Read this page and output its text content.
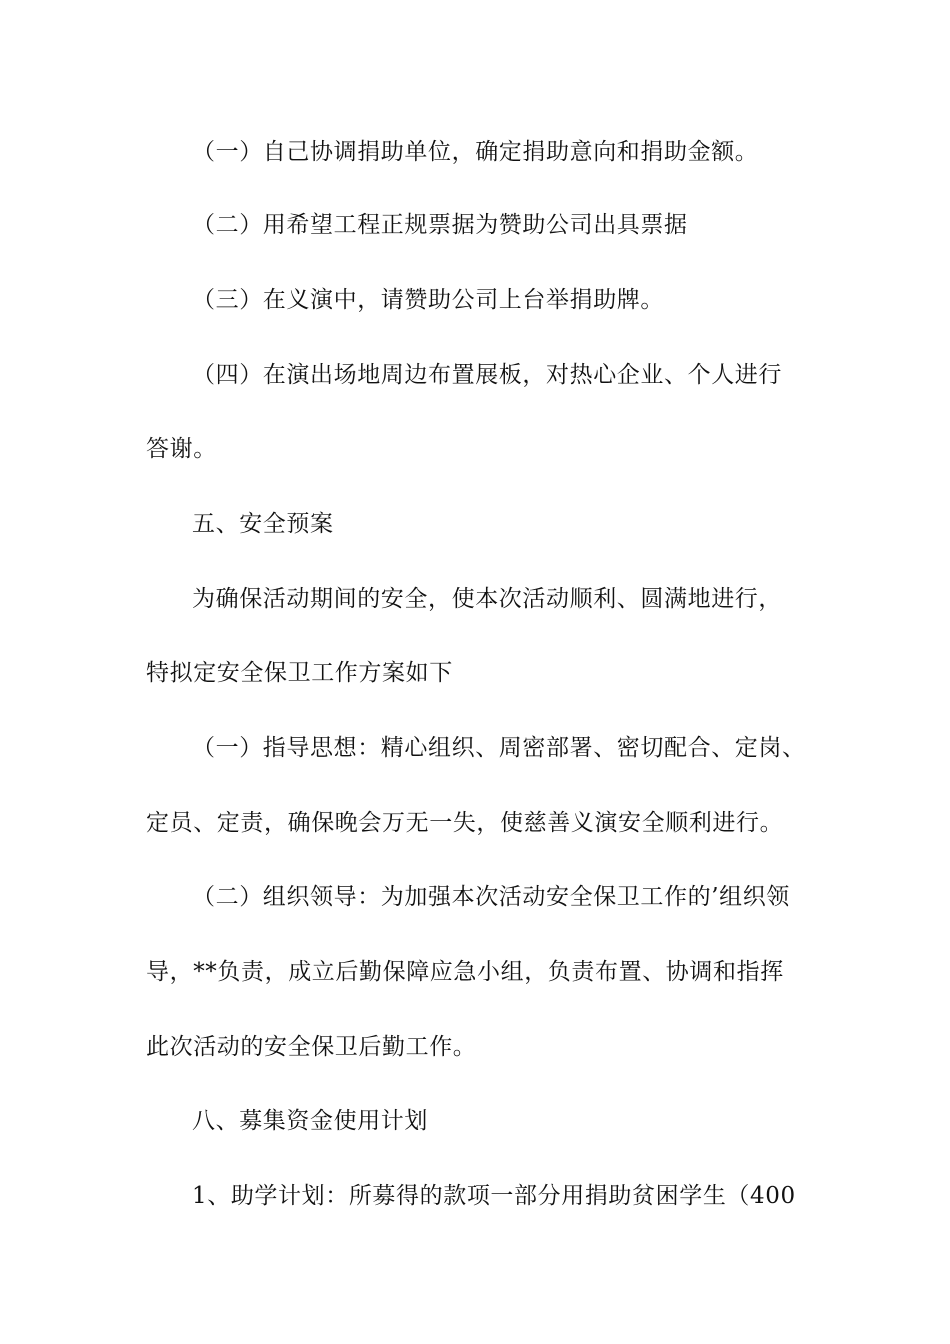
（一）自己协调捐助单位，确定捐助意向和捐助金额。
（二）用希望工程正规票据为赞助公司出具票据
（三）在义演中，请赞助公司上台举捐助牌。
（四）在演出场地周边布置展板，对热心企业、个人进行
答谢。
五、安全预案
为确保活动期间的安全，使本次活动顺利、圆满地进行，
特拟定安全保卫工作方案如下
（一）指导思想：精心组织、周密部署、密切配合、定岗、
定员、定责，确保晚会万无一失，使慈善义演安全顺利进行。
（二）组织领导：为加强本次活动安全保卫工作的’组织领
导，**负责，成立后勤保障应急小组，负责布置、协调和指挥
此次活动的安全保卫后勤工作。
八、募集资金使用计划
1、助学计划：所募得的款项一部分用捐助贫困学生（400
